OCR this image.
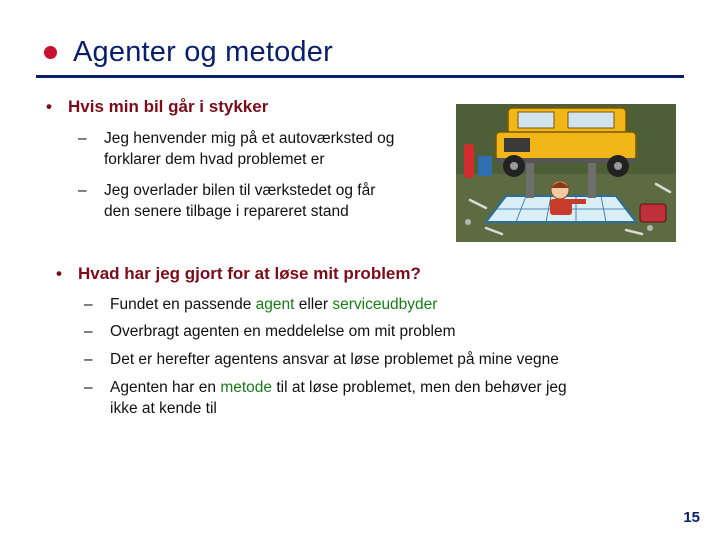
Agenter og metoder
• Hvis min bil går i stykker
–	Jeg henvender mig på et autoværksted og
forklarer dem hvad problemet er
–	Jeg overlader bilen til værkstedet og får
den senere tilbage i repareret stand
• Hvad har jeg gjort for at løse mit problem?
–	Fundet en passende agent eller serviceudbyder
–	Overbragt agenten en meddelelse om mit problem
–	Det er herefter agentens ansvar at løse problemet på mine vegne
–	Agenten har en metode til at løse problemet, men den behøver jeg
ikke at kende til
15
